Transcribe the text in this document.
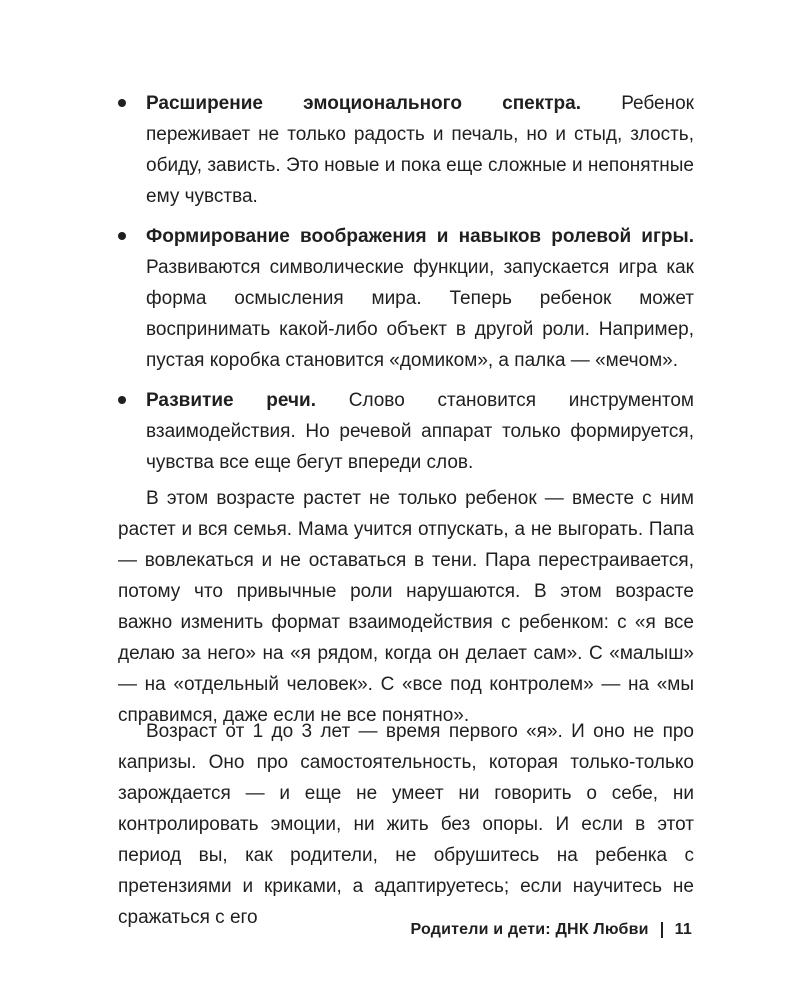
Расширение эмоционального спектра. Ребенок переживает не только радость и печаль, но и стыд, злость, обиду, зависть. Это новые и пока еще сложные и непонятные ему чувства.
Формирование воображения и навыков ролевой игры. Развиваются символические функции, запускается игра как форма осмысления мира. Теперь ребенок может воспринимать какой-либо объект в другой роли. Например, пустая коробка становится «домиком», а палка — «мечом».
Развитие речи. Слово становится инструментом взаимодействия. Но речевой аппарат только формируется, чувства все еще бегут впереди слов.

В этом возрасте растет не только ребенок — вместе с ним растет и вся семья. Мама учится отпускать, а не выгорать. Папа — вовлекаться и не оставаться в тени. Пара перестраивается, потому что привычные роли нарушаются. В этом возрасте важно изменить формат взаимодействия с ребенком: с «я все делаю за него» на «я рядом, когда он делает сам». С «малыш» — на «отдельный человек». С «все под контролем» — на «мы справимся, даже если не все понятно».

Возраст от 1 до 3 лет — время первого «я». И оно не про капризы. Оно про самостоятельность, которая только-только зарождается — и еще не умеет ни говорить о себе, ни контролировать эмоции, ни жить без опоры. И если в этот период вы, как родители, не обрушитесь на ребенка с претензиями и криками, а адаптируетесь; если научитесь не сражаться с его

Родители и дети: ДНК Любви 11
